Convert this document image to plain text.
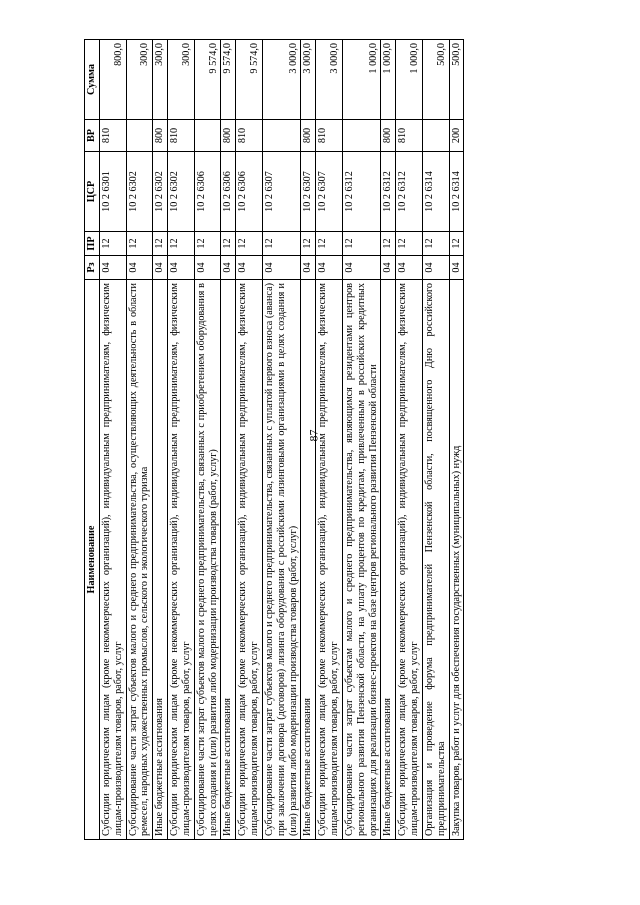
87
Наименование	Рз	ПР	ЦСР	ВР	Сумма
Субсидии юридическим лицам (кроме некоммерческих организаций), индивидуальным предпринимателям, физическим лицам-производителям товаров, работ, услуг	04	12	10 2 6301	810	800,0
Субсидирование части затрат субъектов малого и среднего предпринимательства, осуществляющих деятельность в области ремесел, народных художественных промыслов, сельского и экологического туризма	04	12	10 2 6302		300,0
Иные бюджетные ассигнования	04	12	10 2 6302	800	300,0
Субсидии юридическим лицам (кроме некоммерческих организаций), индивидуальным предпринимателям, физическим лицам-производителям товаров, работ, услуг	04	12	10 2 6302	810	300,0
Субсидирование части затрат субъектов малого и среднего предпринимательства, связанных с приобретением оборудования в целях создания и (или) развития либо модернизации производства товаров (работ, услуг)	04	12	10 2 6306		9 574,0
Иные бюджетные ассигнования	04	12	10 2 6306	800	9 574,0
Субсидии юридическим лицам (кроме некоммерческих организаций), индивидуальным предпринимателям, физическим лицам-производителям товаров, работ, услуг	04	12	10 2 6306	810	9 574,0
Субсидирование части затрат субъектов малого и среднего предпринимательства, связанных с уплатой первого взноса (аванса) при заключении договора (договоров) лизинга оборудования с российскими лизинговыми организациями в целях создания и (или) развития либо модернизации производства товаров (работ, услуг)	04	12	10 2 6307		3 000,0
Иные бюджетные ассигнования	04	12	10 2 6307	800	3 000,0
Субсидии юридическим лицам (кроме некоммерческих организаций), индивидуальным предпринимателям, физическим лицам-производителям товаров, работ, услуг	04	12	10 2 6307	810	3 000,0
Субсидирование части затрат субъектам малого и среднего предпринимательства, являющимся резидентами центров регионального развития Пензенской области, на уплату процентов по кредитам, привлеченным в российских кредитных организациях для реализации бизнес-проектов на базе центров регионального развития Пензенской области	04	12	10 2 6312		1 000,0
Иные бюджетные ассигнования	04	12	10 2 6312	800	1 000,0
Субсидии юридическим лицам (кроме некоммерческих организаций), индивидуальным предпринимателям, физическим лицам-производителям товаров, работ, услуг	04	12	10 2 6312	810	1 000,0
Организация и проведение форума предпринимателей Пензенской области, посвященного Дню российского предпринимательства	04	12	10 2 6314		500,0
Закупка товаров, работ и услуг для обеспечения государственных (муниципальных) нужд	04	12	10 2 6314	200	500,0
